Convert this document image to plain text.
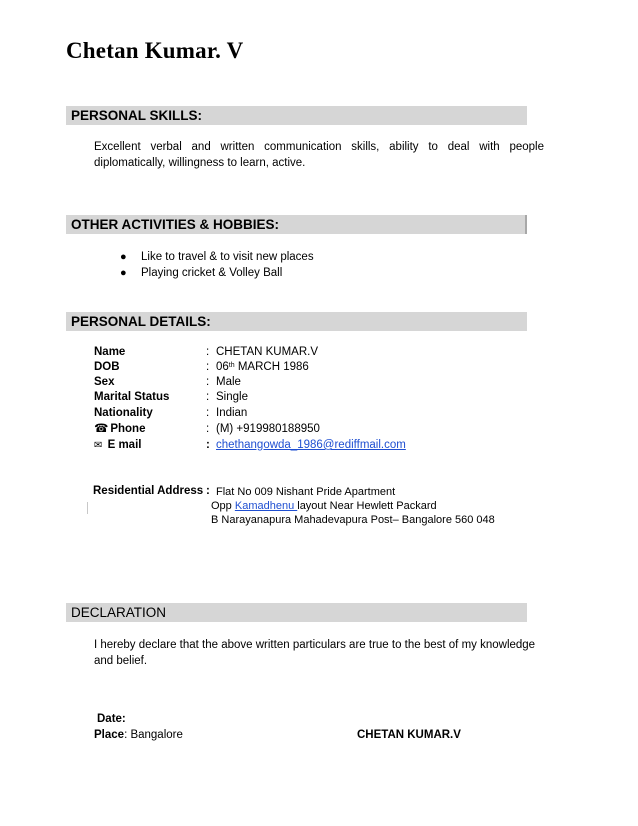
Chetan Kumar. V
PERSONAL SKILLS:
Excellent verbal and written communication skills, ability to deal with people diplomatically, willingness to learn, active.
OTHER ACTIVITIES & HOBBIES:
● Like to travel & to visit new places
● Playing cricket & Volley Ball
PERSONAL DETAILS:
Name	: CHETAN KUMAR.V
DOB	: 06th MARCH 1986
Sex	: Male
Marital Status	: Single
Nationality	: Indian
☎ Phone	: (M) +919980188950
✉ E mail	: chethangowda_1986@rediffmail.com
Residential Address : Flat No 009 Nishant Pride Apartment
Opp Kamadhenu layout Near Hewlett Packard
B Narayanapura Mahadevapura Post– Bangalore 560 048
DECLARATION
I hereby declare that the above written particulars are true to the best of my knowledge and belief.
Date:
Place: Bangalore	CHETAN KUMAR.V
